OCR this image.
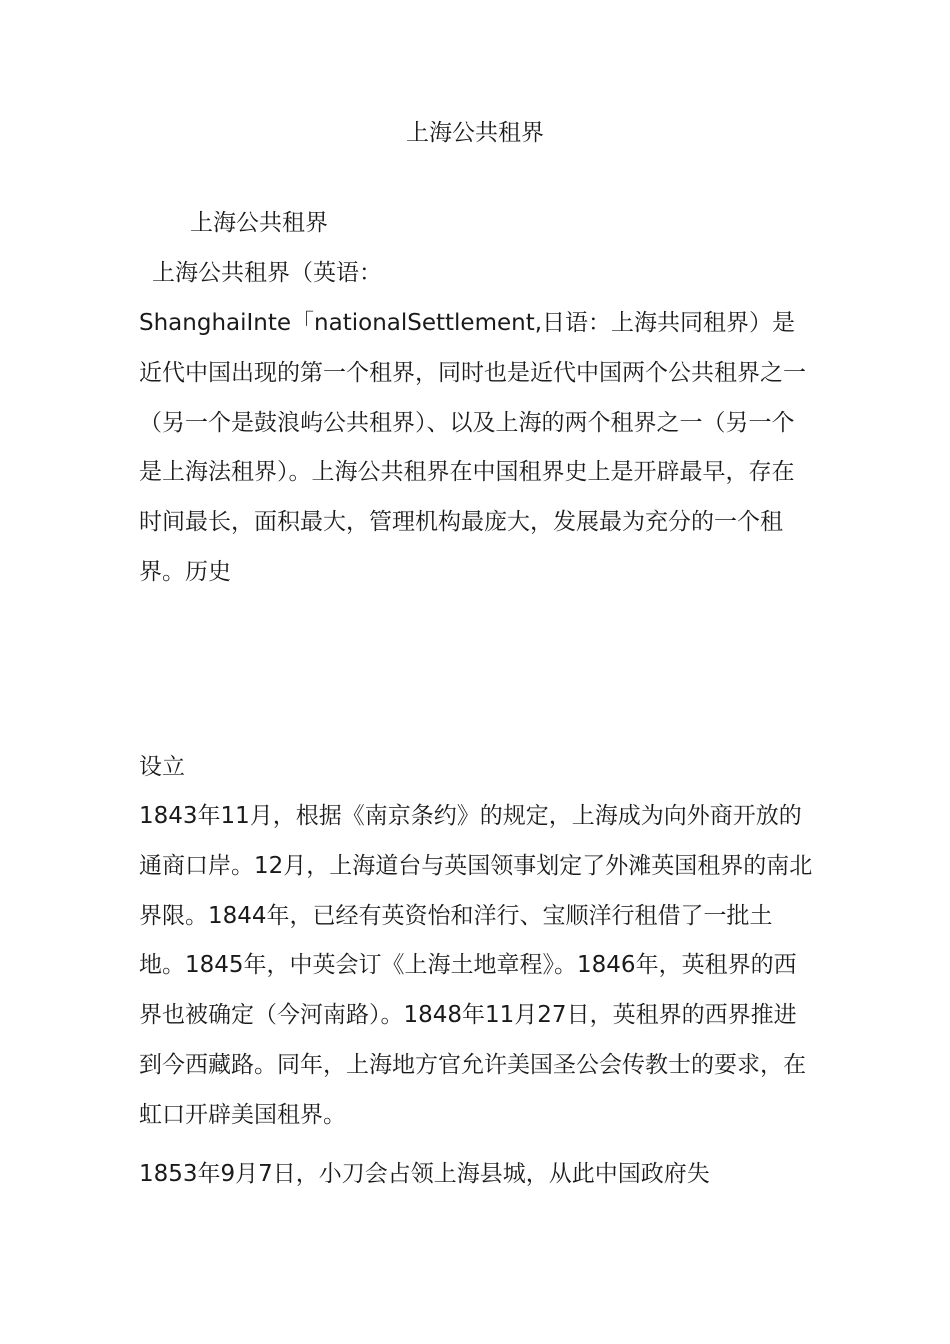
上海公共租界
上海公共租界
上海公共租界（英语：

ShanghaiInte「nationalSettlement,日语：上海共同租界）是近代中国出现的第一个租界，同时也是近代中国两个公共租界之一（另一个是鼓浪屿公共租界）、以及上海的两个租界之一（另一个是上海法租界）。上海公共租界在中国租界史上是开辟最早，存在时间最长，面积最大，管理机构最庞大，发展最为充分的一个租界。历史

设立

1843年11月，根据《南京条约》的规定，上海成为向外商开放的通商口岸。12月，上海道台与英国领事划定了外滩英国租界的南北界限。1844年，已经有英资怡和洋行、宝顺洋行租借了一批土地。1845年，中英会订《上海土地章程》。1846年，英租界的西界也被确定（今河南路）。1848年11月27日，英租界的西界推进到今西藏路。同年，上海地方官允许美国圣公会传教士的要求，在虹口开辟美国租界。

1853年9月7日，小刀会占领上海县城，从此中国政府失
